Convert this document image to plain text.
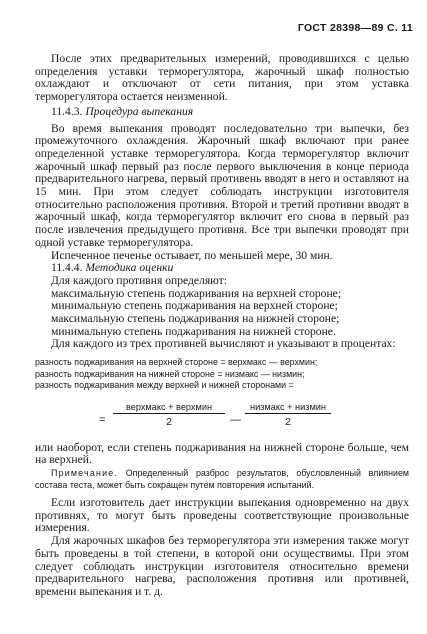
ГОСТ 28398—89 С. 11

После этих предварительных измерений, проводившихся с целью определения уставки терморегулятора, жарочный шкаф полностью охлаждают и отключают от сети питания, при этом уставка терморегулятора остается неизменной.

11.4.3. Процедура выпекания

Во время выпекания проводят последовательно три выпечки, без промежуточного охлаждения. Жарочный шкаф включают при ранее определенной уставке терморегулятора. Когда терморегулятор включит жарочный шкаф первый раз после первого выключения в конце периода предварительного нагрева, первый противень вводят в него и оставляют на 15 мин. При этом следует соблюдать инструкции изготовителя относительно расположения противня. Второй и третий противни вводят в жарочный шкаф, когда терморегулятор включит его снова в первый раз после извлечения предыдущего противня. Все три выпечки проводят при одной уставке терморегулятора.

Испеченное печенье остывает, по меньшей мере, 30 мин.

11.4.4. Методика оценки

Для каждого противня определяют:

максимальную степень поджаривания на верхней стороне;

минимальную степень поджаривания на верхней стороне;

максимальную степень поджаривания на нижней стороне;

минимальную степень поджаривания на нижней стороне.

Для каждого из трех противней вычисляют и указывают в процентах:

разность поджаривания на верхней стороне = верхмакс — верхмин;

разность поджаривания на нижней стороне = низмакс — низмин;

разность поджаривания между верхней и нижней сторонами =

=
верхмакс + верхмин
2	—
низмакс + низмин
2

или наоборот, если степень поджаривания на нижней стороне больше, чем на верхней.

Примечание. Определенный разброс результатов, обусловленный влиянием состава теста, может быть сокращен путем повторения испытаний.

Если изготовитель дает инструкции выпекания одновременно на двух противнях, то могут быть проведены соответствующие произвольные измерения.

Для жарочных шкафов без терморегулятора эти измерения также могут быть проведены в той степени, в которой они осуществимы. При этом следует соблюдать инструкции изготовителя относительно времени предварительного нагрева, расположения противня или противней, времени выпекания и т. д.
